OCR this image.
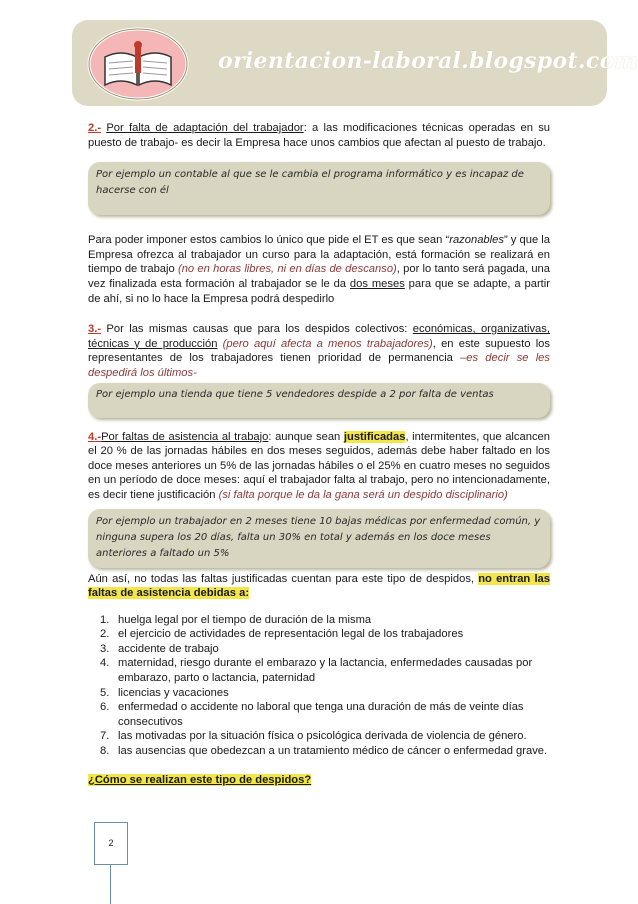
orientacion-laboral.blogspot.com

2.- Por falta de adaptación del trabajador: a las modificaciones técnicas operadas en su puesto de trabajo- es decir la Empresa hace unos cambios que afectan al puesto de trabajo.

Por ejemplo un contable al que se le cambia el programa informático y es incapaz de hacerse con él

Para poder imponer estos cambios lo único que pide el ET es que sean “razonables” y que la Empresa ofrezca al trabajador un curso para la adaptación, está formación se realizará en tiempo de trabajo (no en horas libres, ni en días de descanso), por lo tanto será pagada, una vez finalizada esta formación al trabajador se le da dos meses para que se adapte, a partir de ahí, si no lo hace la Empresa podrá despedirlo

3.- Por las mismas causas que para los despidos colectivos: económicas, organizativas, técnicas y de producción (pero aquí afecta a menos trabajadores), en este supuesto los representantes de los trabajadores tienen prioridad de permanencia –es decir se les despedirá los últimos-

Por ejemplo una tienda que tiene 5 vendedores despide a 2 por falta de ventas

4.-Por faltas de asistencia al trabajo: aunque sean justificadas, intermitentes, que alcancen el 20 % de las jornadas hábiles en dos meses seguidos, además debe haber faltado en los doce meses anteriores un 5% de las jornadas hábiles o el 25% en cuatro meses no seguidos en un período de doce meses: aquí el trabajador falta al trabajo, pero no intencionadamente, es decir tiene justificación (si falta porque le da la gana será un despido disciplinario)

Por ejemplo un trabajador en 2 meses tiene 10 bajas médicas por enfermedad común, y ninguna supera los 20 días, falta un 30% en total y además en los doce meses anteriores a faltado un 5%

Aún así, no todas las faltas justificadas cuentan para este tipo de despidos, no entran las faltas de asistencia debidas a:

1. huelga legal por el tiempo de duración de la misma
2. el ejercicio de actividades de representación legal de los trabajadores
3. accidente de trabajo
4. maternidad, riesgo durante el embarazo y la lactancia, enfermedades causadas por embarazo, parto o lactancia, paternidad
5. licencias y vacaciones
6. enfermedad o accidente no laboral que tenga una duración de más de veinte días consecutivos
7. las motivadas por la situación física o psicológica derivada de violencia de género.
8. las ausencias que obedezcan a un tratamiento médico de cáncer o enfermedad grave.

¿Cómo se realizan este tipo de despidos?

2
